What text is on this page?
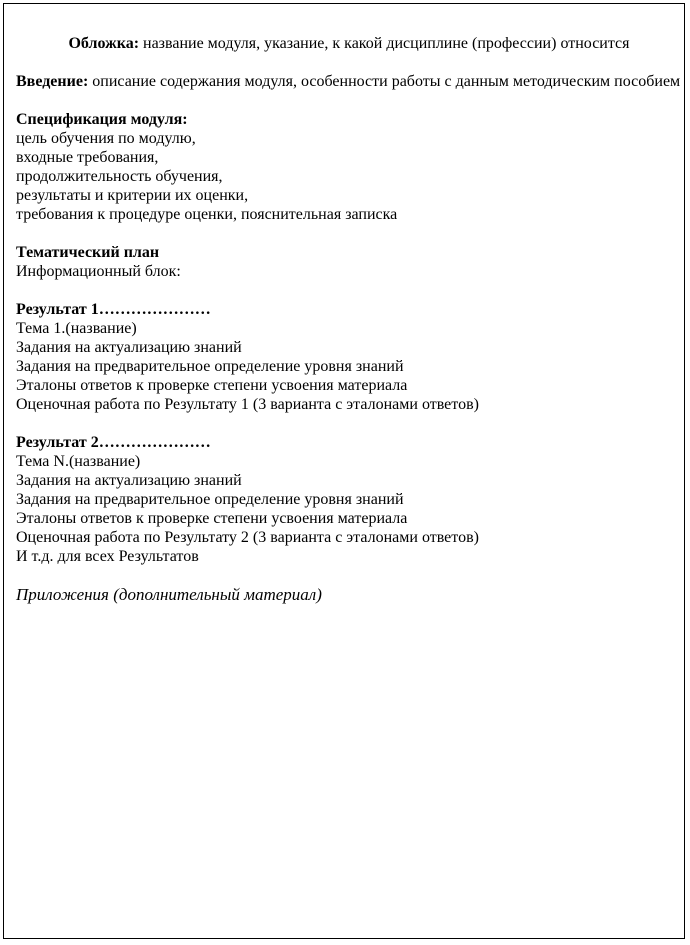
Обложка: название модуля, указание, к какой дисциплине (профессии) относится
Введение: описание содержания модуля, особенности работы с данным методическим пособием
Спецификация модуля:
цель обучения по модулю,
входные требования,
продолжительность обучения,
результаты и критерии их оценки,
требования к процедуре оценки, пояснительная записка
Тематический план
Информационный блок:
Результат 1…………………
Тема 1.(название)
Задания на актуализацию знаний
Задания на предварительное определение уровня знаний
Эталоны ответов к проверке степени усвоения материала
Оценочная работа по Результату 1 (3 варианта с эталонами ответов)
Результат 2…………………
Тема N.(название)
Задания на актуализацию знаний
Задания на предварительное определение уровня знаний
Эталоны ответов к проверке степени усвоения материала
Оценочная работа по Результату 2 (3 варианта с эталонами ответов)
И т.д. для всех Результатов
Приложения (дополнительный материал)
